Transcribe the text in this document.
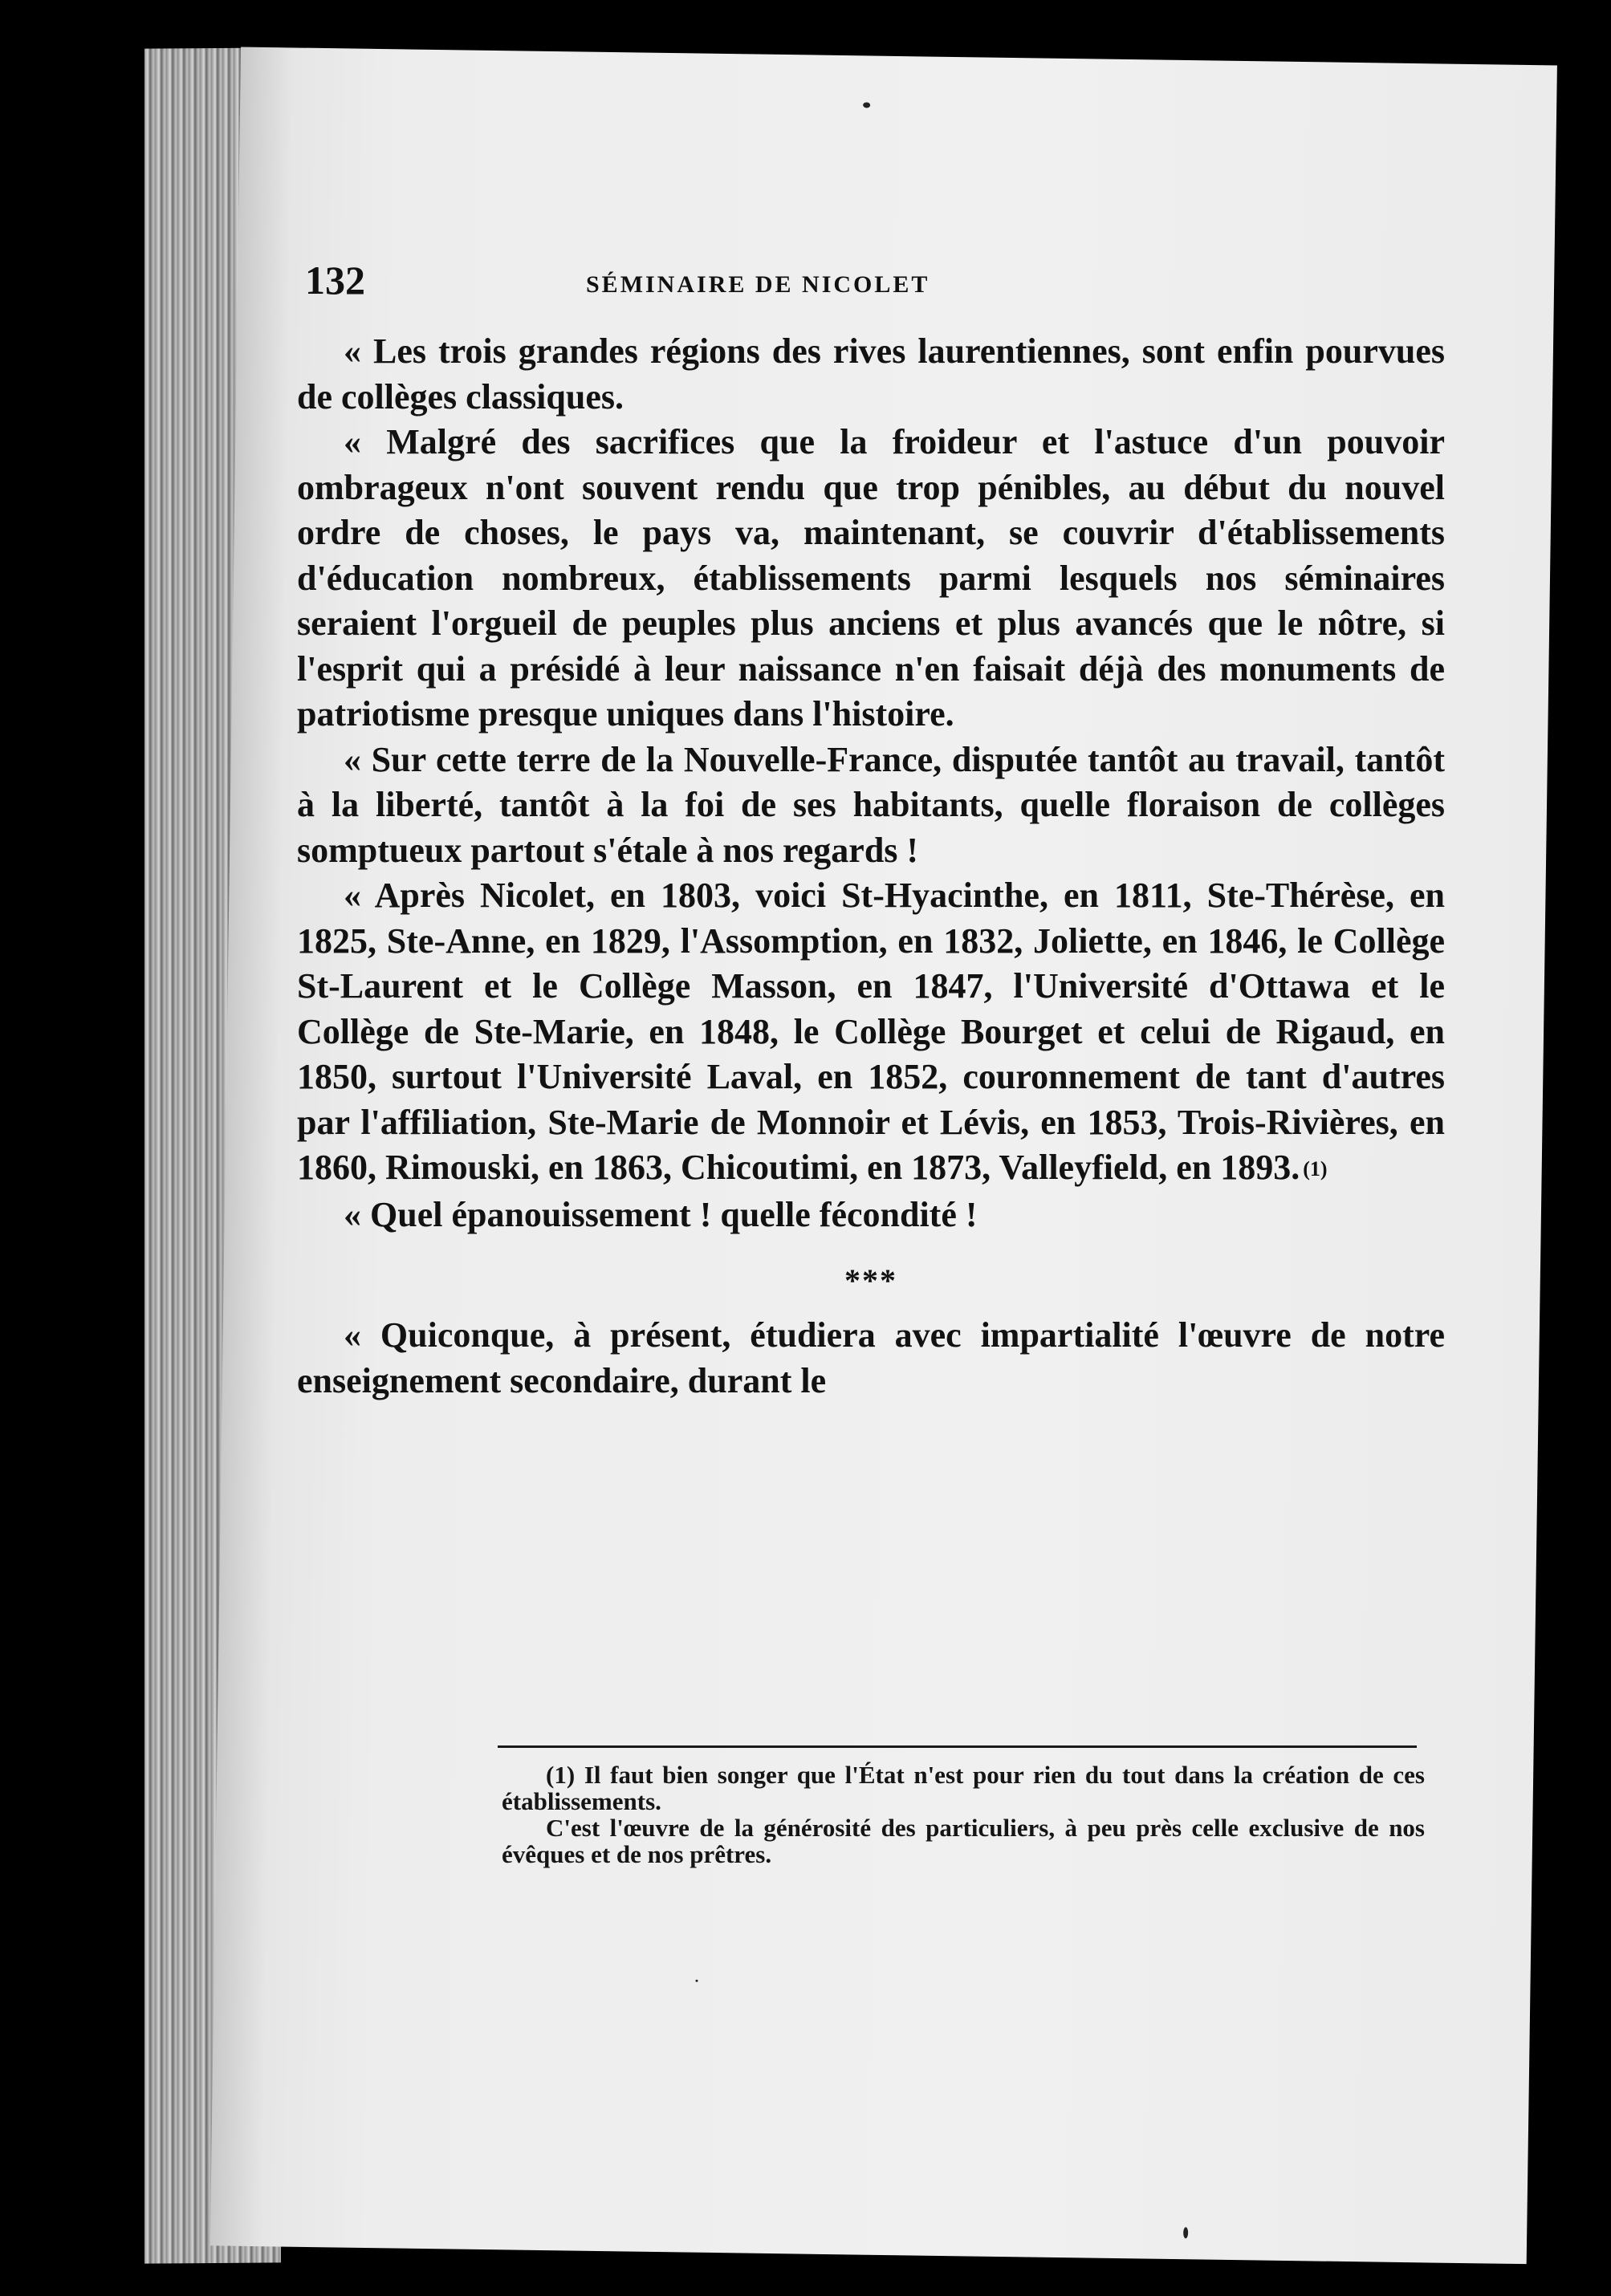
132	SÉMINAIRE DE NICOLET

« Les trois grandes régions des rives laurentiennes, sont enfin pourvues de collèges classiques.

« Malgré des sacrifices que la froideur et l'astuce d'un pouvoir ombrageux n'ont souvent rendu que trop pénibles, au début du nouvel ordre de choses, le pays va, maintenant, se couvrir d'établissements d'éducation nombreux, établissements parmi lesquels nos séminaires seraient l'orgueil de peuples plus anciens et plus avancés que le nôtre, si l'esprit qui a présidé à leur naissance n'en faisait déjà des monuments de patriotisme presque uniques dans l'histoire.

« Sur cette terre de la Nouvelle-France, disputée tantôt au travail, tantôt à la liberté, tantôt à la foi de ses habitants, quelle floraison de collèges somptueux partout s'étale à nos regards !

« Après Nicolet, en 1803, voici St-Hyacinthe, en 1811, Ste-Thérèse, en 1825, Ste-Anne, en 1829, l'Assomption, en 1832, Joliette, en 1846, le Collège St-Laurent et le Collège Masson, en 1847, l'Université d'Ottawa et le Collège de Ste-Marie, en 1848, le Collège Bourget et celui de Rigaud, en 1850, surtout l'Université Laval, en 1852, couronnement de tant d'autres par l'affiliation, Ste-Marie de Monnoir et Lévis, en 1853, Trois-Rivières, en 1860, Rimouski, en 1863, Chicoutimi, en 1873, Valleyfield, en 1893. (1)

« Quel épanouissement ! quelle fécondité !

***

« Quiconque, à présent, étudiera avec impartialité l'œuvre de notre enseignement secondaire, durant le

(1) Il faut bien songer que l'État n'est pour rien du tout dans la création de ces établissements.

C'est l'œuvre de la générosité des particuliers, à peu près celle exclusive de nos évêques et de nos prêtres.
